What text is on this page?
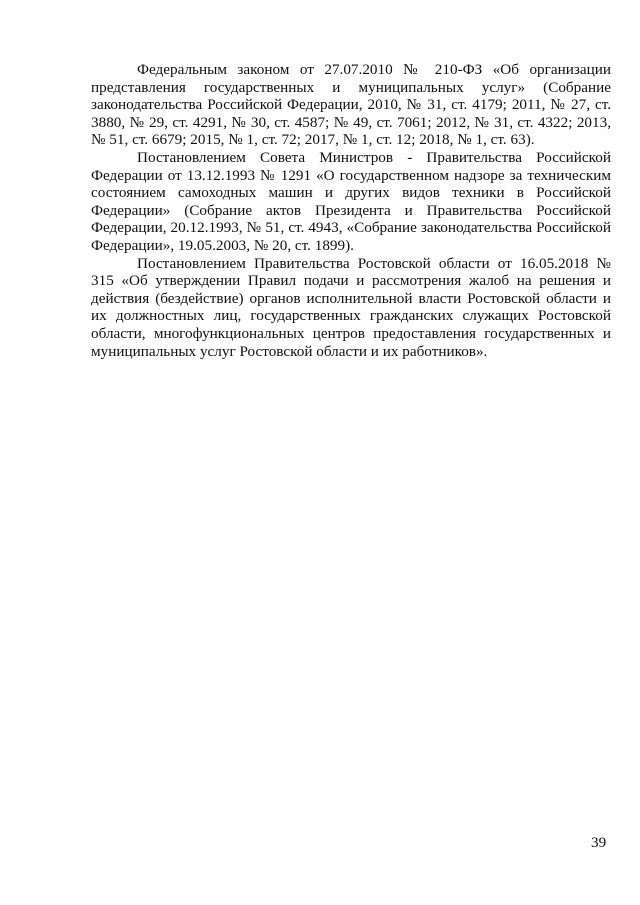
Федеральным законом от 27.07.2010 № 210-ФЗ «Об организации представления государственных и муниципальных услуг» (Собрание законодательства Российской Федерации, 2010, № 31, ст. 4179; 2011, № 27, ст. 3880, № 29, ст. 4291, № 30, ст. 4587; № 49, ст. 7061; 2012, № 31, ст. 4322; 2013, № 51, ст. 6679; 2015, № 1, ст. 72; 2017, № 1, ст. 12; 2018, № 1, ст. 63).

Постановлением Совета Министров - Правительства Российской Федерации от 13.12.1993 № 1291 «О государственном надзоре за техническим состоянием самоходных машин и других видов техники в Российской Федерации» (Собрание актов Президента и Правительства Российской Федерации, 20.12.1993, № 51, ст. 4943, «Собрание законодательства Российской Федерации», 19.05.2003, № 20, ст. 1899).

Постановлением Правительства Ростовской области от 16.05.2018 № 315 «Об утверждении Правил подачи и рассмотрения жалоб на решения и действия (бездействие) органов исполнительной власти Ростовской области и их должностных лиц, государственных гражданских служащих Ростовской области, многофункциональных центров предоставления государственных и муниципальных услуг Ростовской области и их работников».

39
